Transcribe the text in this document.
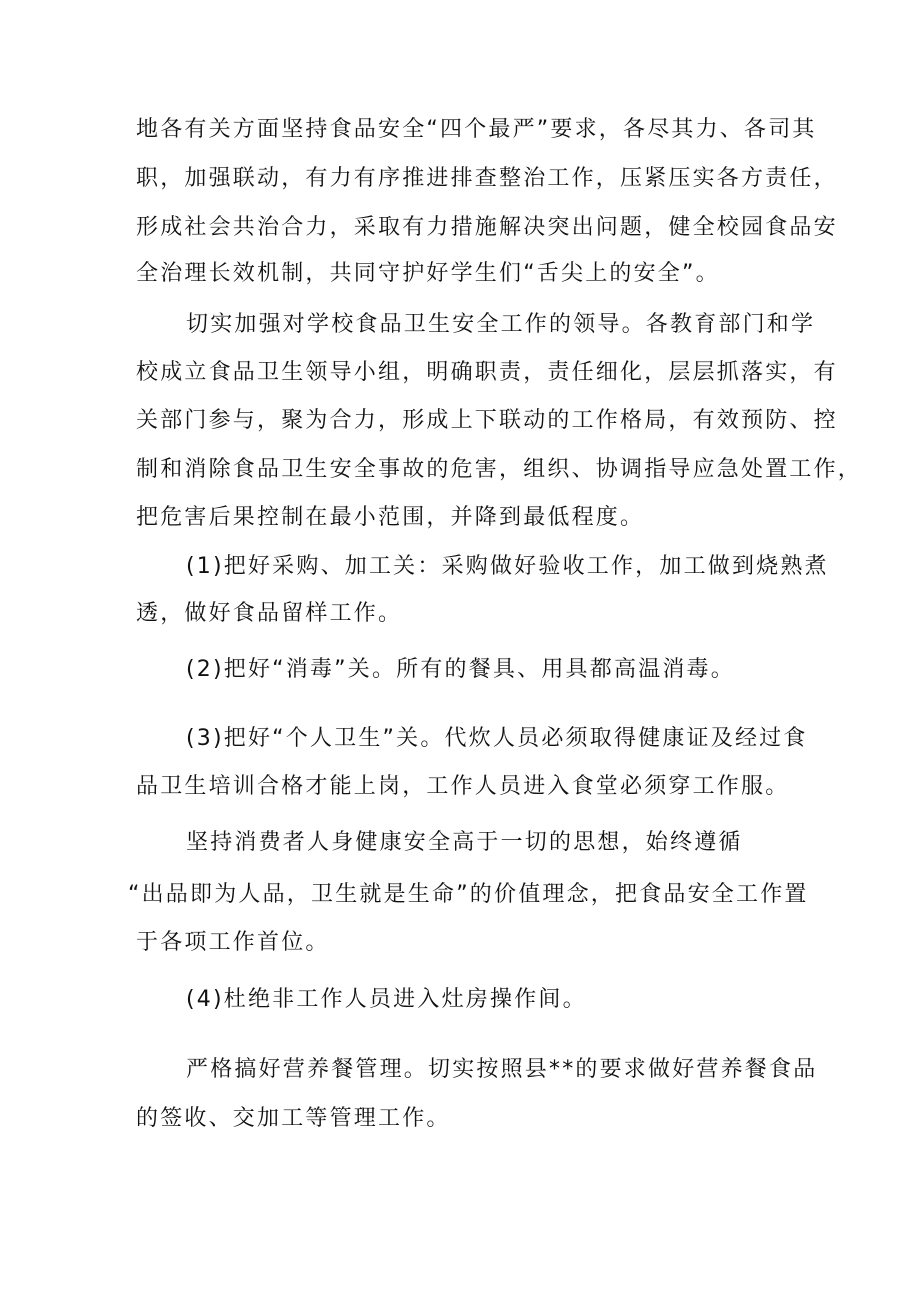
地各有关方面坚持食品安全“四个最严”要求，各尽其力、各司其
职，加强联动，有力有序推进排查整治工作，压紧压实各方责任，
形成社会共治合力，采取有力措施解决突出问题，健全校园食品安
全治理长效机制，共同守护好学生们“舌尖上的安全”。
切实加强对学校食品卫生安全工作的领导。各教育部门和学
校成立食品卫生领导小组，明确职责，责任细化，层层抓落实，有
关部门参与，聚为合力，形成上下联动的工作格局，有效预防、控
制和消除食品卫生安全事故的危害，组织、协调指导应急处置工作，
把危害后果控制在最小范围，并降到最低程度。
(1)把好采购、加工关：采购做好验收工作，加工做到烧熟煮
透，做好食品留样工作。
(2)把好“消毒”关。所有的餐具、用具都高温消毒。
(3)把好“个人卫生”关。代炊人员必须取得健康证及经过食
品卫生培训合格才能上岗，工作人员进入食堂必须穿工作服。
坚持消费者人身健康安全高于一切的思想，始终遵循
“出品即为人品，卫生就是生命”的价值理念，把食品安全工作置
于各项工作首位。
(4)杜绝非工作人员进入灶房操作间。
严格搞好营养餐管理。切实按照县**的要求做好营养餐食品
的签收、交加工等管理工作。
